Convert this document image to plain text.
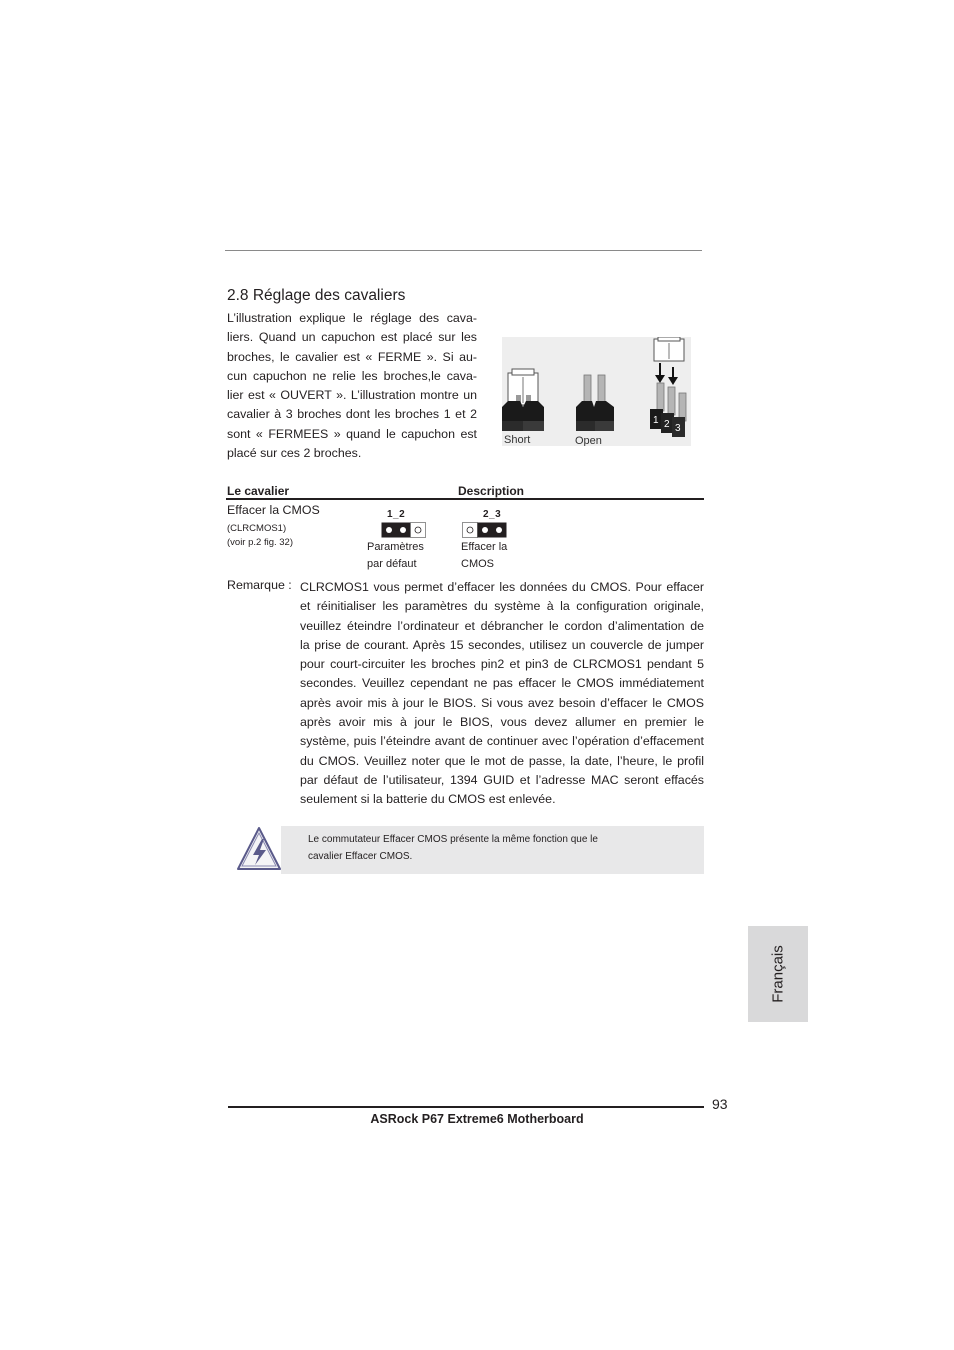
2.8 Réglage des cavaliers
L’illustration explique le réglage des cava-
liers. Quand un capuchon est placé sur les
broches, le cavalier est « FERME ». Si au-
cun capuchon ne relie les broches,le cava-
lier est « OUVERT ». L’illustration montre un
cavalier à 3 broches dont les broches 1 et 2
sont « FERMEES » quand le capuchon est
placé sur ces 2 broches.
Short	Open
1 2 3
Le cavalier	Description
Effacer la CMOS
(CLRCMOS1)
(voir p.2 fig. 32)
1_2
Paramètres
par défaut
2_3
Effacer la
CMOS
Remarque : CLRCMOS1 vous permet d’effacer les données du CMOS. Pour effacer
et réinitialiser les paramètres du système à la configuration originale,
veuillez éteindre l’ordinateur et débrancher le cordon d’alimentation de
la prise de courant. Après 15 secondes, utilisez un couvercle de jumper
pour court-circuiter les broches pin2 et pin3 de CLRCMOS1 pendant 5
secondes. Veuillez cependant ne pas effacer le CMOS immédiatement
après avoir mis à jour le BIOS. Si vous avez besoin d’effacer le CMOS
après avoir mis à jour le BIOS, vous devez allumer en premier le
système, puis l’éteindre avant de continuer avec l’opération d’effacement
du CMOS. Veuillez noter que le mot de passe, la date, l’heure, le profil
par défaut de l’utilisateur, 1394 GUID et l’adresse MAC seront effacés
seulement si la batterie du CMOS est enlevée.
Le commutateur Effacer CMOS présente la même fonction que le
cavalier Effacer CMOS.
Français
93
ASRock P67 Extreme6 Motherboard
